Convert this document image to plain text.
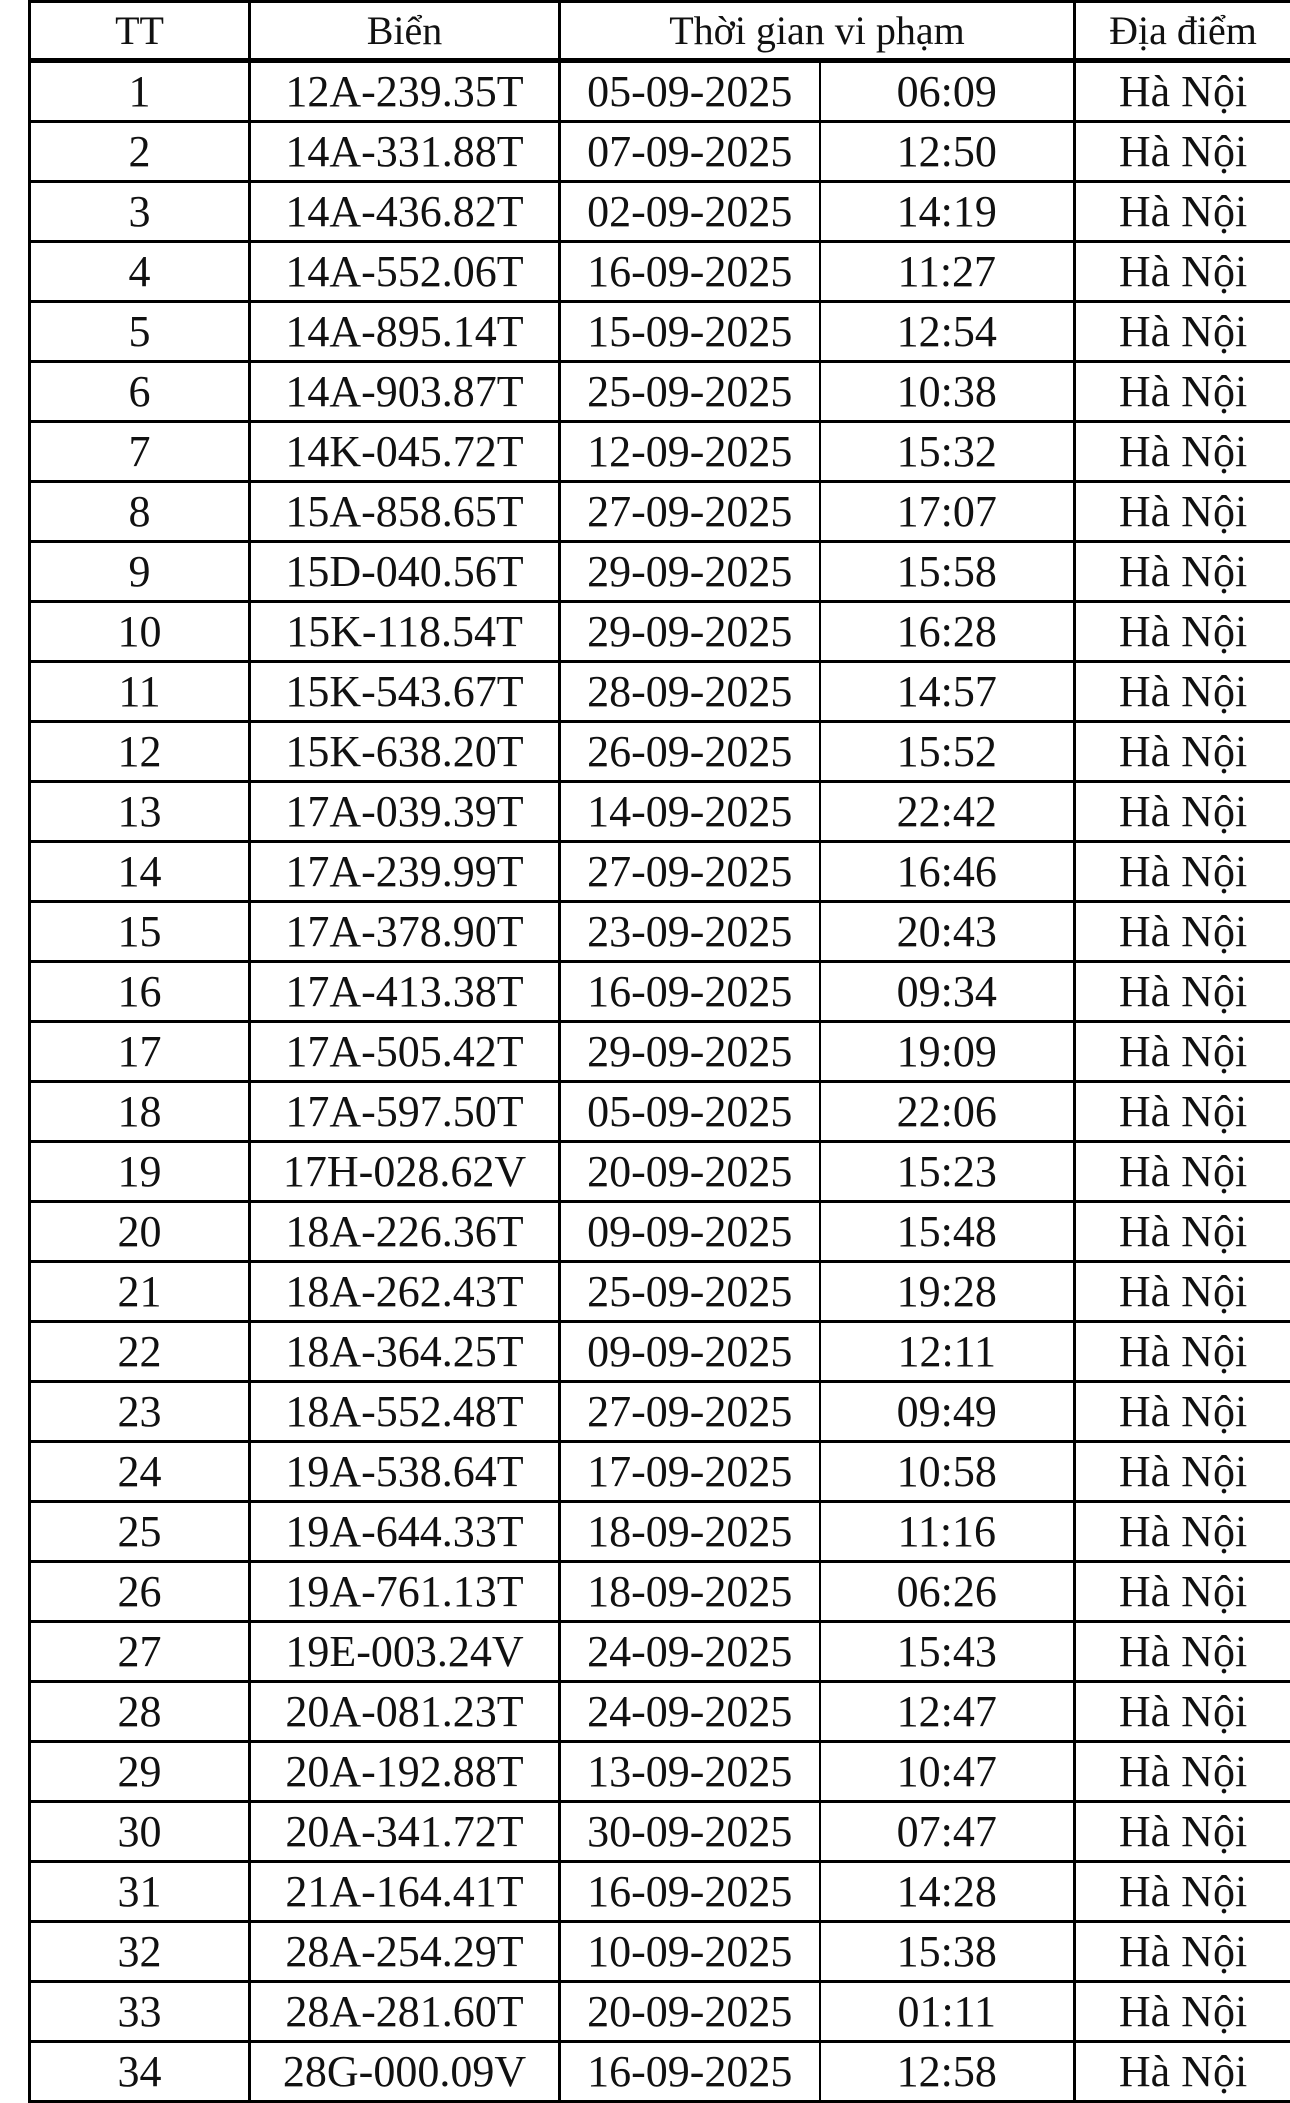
TT	Biển	Thời gian vi phạm		Địa điểm
1	12A-239.35T	05-09-2025	06:09	Hà Nội
2	14A-331.88T	07-09-2025	12:50	Hà Nội
3	14A-436.82T	02-09-2025	14:19	Hà Nội
4	14A-552.06T	16-09-2025	11:27	Hà Nội
5	14A-895.14T	15-09-2025	12:54	Hà Nội
6	14A-903.87T	25-09-2025	10:38	Hà Nội
7	14K-045.72T	12-09-2025	15:32	Hà Nội
8	15A-858.65T	27-09-2025	17:07	Hà Nội
9	15D-040.56T	29-09-2025	15:58	Hà Nội
10	15K-118.54T	29-09-2025	16:28	Hà Nội
11	15K-543.67T	28-09-2025	14:57	Hà Nội
12	15K-638.20T	26-09-2025	15:52	Hà Nội
13	17A-039.39T	14-09-2025	22:42	Hà Nội
14	17A-239.99T	27-09-2025	16:46	Hà Nội
15	17A-378.90T	23-09-2025	20:43	Hà Nội
16	17A-413.38T	16-09-2025	09:34	Hà Nội
17	17A-505.42T	29-09-2025	19:09	Hà Nội
18	17A-597.50T	05-09-2025	22:06	Hà Nội
19	17H-028.62V	20-09-2025	15:23	Hà Nội
20	18A-226.36T	09-09-2025	15:48	Hà Nội
21	18A-262.43T	25-09-2025	19:28	Hà Nội
22	18A-364.25T	09-09-2025	12:11	Hà Nội
23	18A-552.48T	27-09-2025	09:49	Hà Nội
24	19A-538.64T	17-09-2025	10:58	Hà Nội
25	19A-644.33T	18-09-2025	11:16	Hà Nội
26	19A-761.13T	18-09-2025	06:26	Hà Nội
27	19E-003.24V	24-09-2025	15:43	Hà Nội
28	20A-081.23T	24-09-2025	12:47	Hà Nội
29	20A-192.88T	13-09-2025	10:47	Hà Nội
30	20A-341.72T	30-09-2025	07:47	Hà Nội
31	21A-164.41T	16-09-2025	14:28	Hà Nội
32	28A-254.29T	10-09-2025	15:38	Hà Nội
33	28A-281.60T	20-09-2025	01:11	Hà Nội
34	28G-000.09V	16-09-2025	12:58	Hà Nội
